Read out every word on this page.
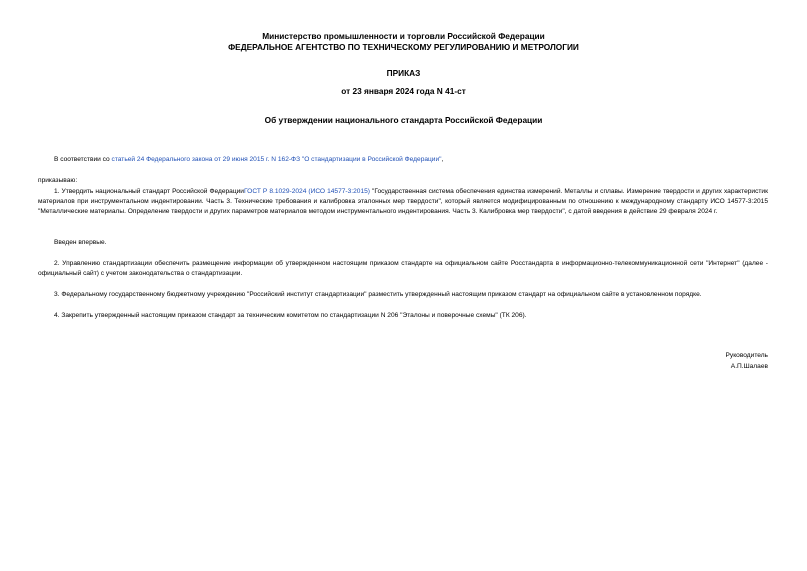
Министерство промышленности и торговли Российской Федерации
ФЕДЕРАЛЬНОЕ АГЕНТСТВО ПО ТЕХНИЧЕСКОМУ РЕГУЛИРОВАНИЮ И МЕТРОЛОГИИ
ПРИКАЗ
от 23 января 2024 года N 41-ст
Об утверждении национального стандарта Российской Федерации
В соответствии со статьей 24 Федерального закона от 29 июня 2015 г. N 162-ФЗ "О стандартизации в Российской Федерации",
приказываю:
1. Утвердить национальный стандарт Российской ФедерацииГОСТ Р 8.1029-2024 (ИСО 14577-3:2015) "Государственная система обеспечения единства измерений. Металлы и сплавы. Измерение твердости и других характеристик материалов при инструментальном индентировании. Часть 3. Технические требования и калибровка эталонных мер твердости", который является модифицированным по отношению к международному стандарту ИСО 14577-3:2015 "Металлические материалы. Определение твердости и других параметров материалов методом инструментального индентирования. Часть 3. Калибровка мер твердости", с датой введения в действие 29 февраля 2024 г.
Введен впервые.
2. Управлению стандартизации обеспечить размещение информации об утвержденном настоящим приказом стандарте на официальном сайте Росстандарта в информационно-телекоммуникационной сети "Интернет" (далее - официальный сайт) с учетом законодательства о стандартизации.
3. Федеральному государственному бюджетному учреждению "Российский институт стандартизации" разместить утвержденный настоящим приказом стандарт на официальном сайте в установленном порядке.
4. Закрепить утвержденный настоящим приказом стандарт за техническим комитетом по стандартизации N 206 "Эталоны и поверочные схемы" (ТК 206).
Руководитель
А.П.Шалаев
